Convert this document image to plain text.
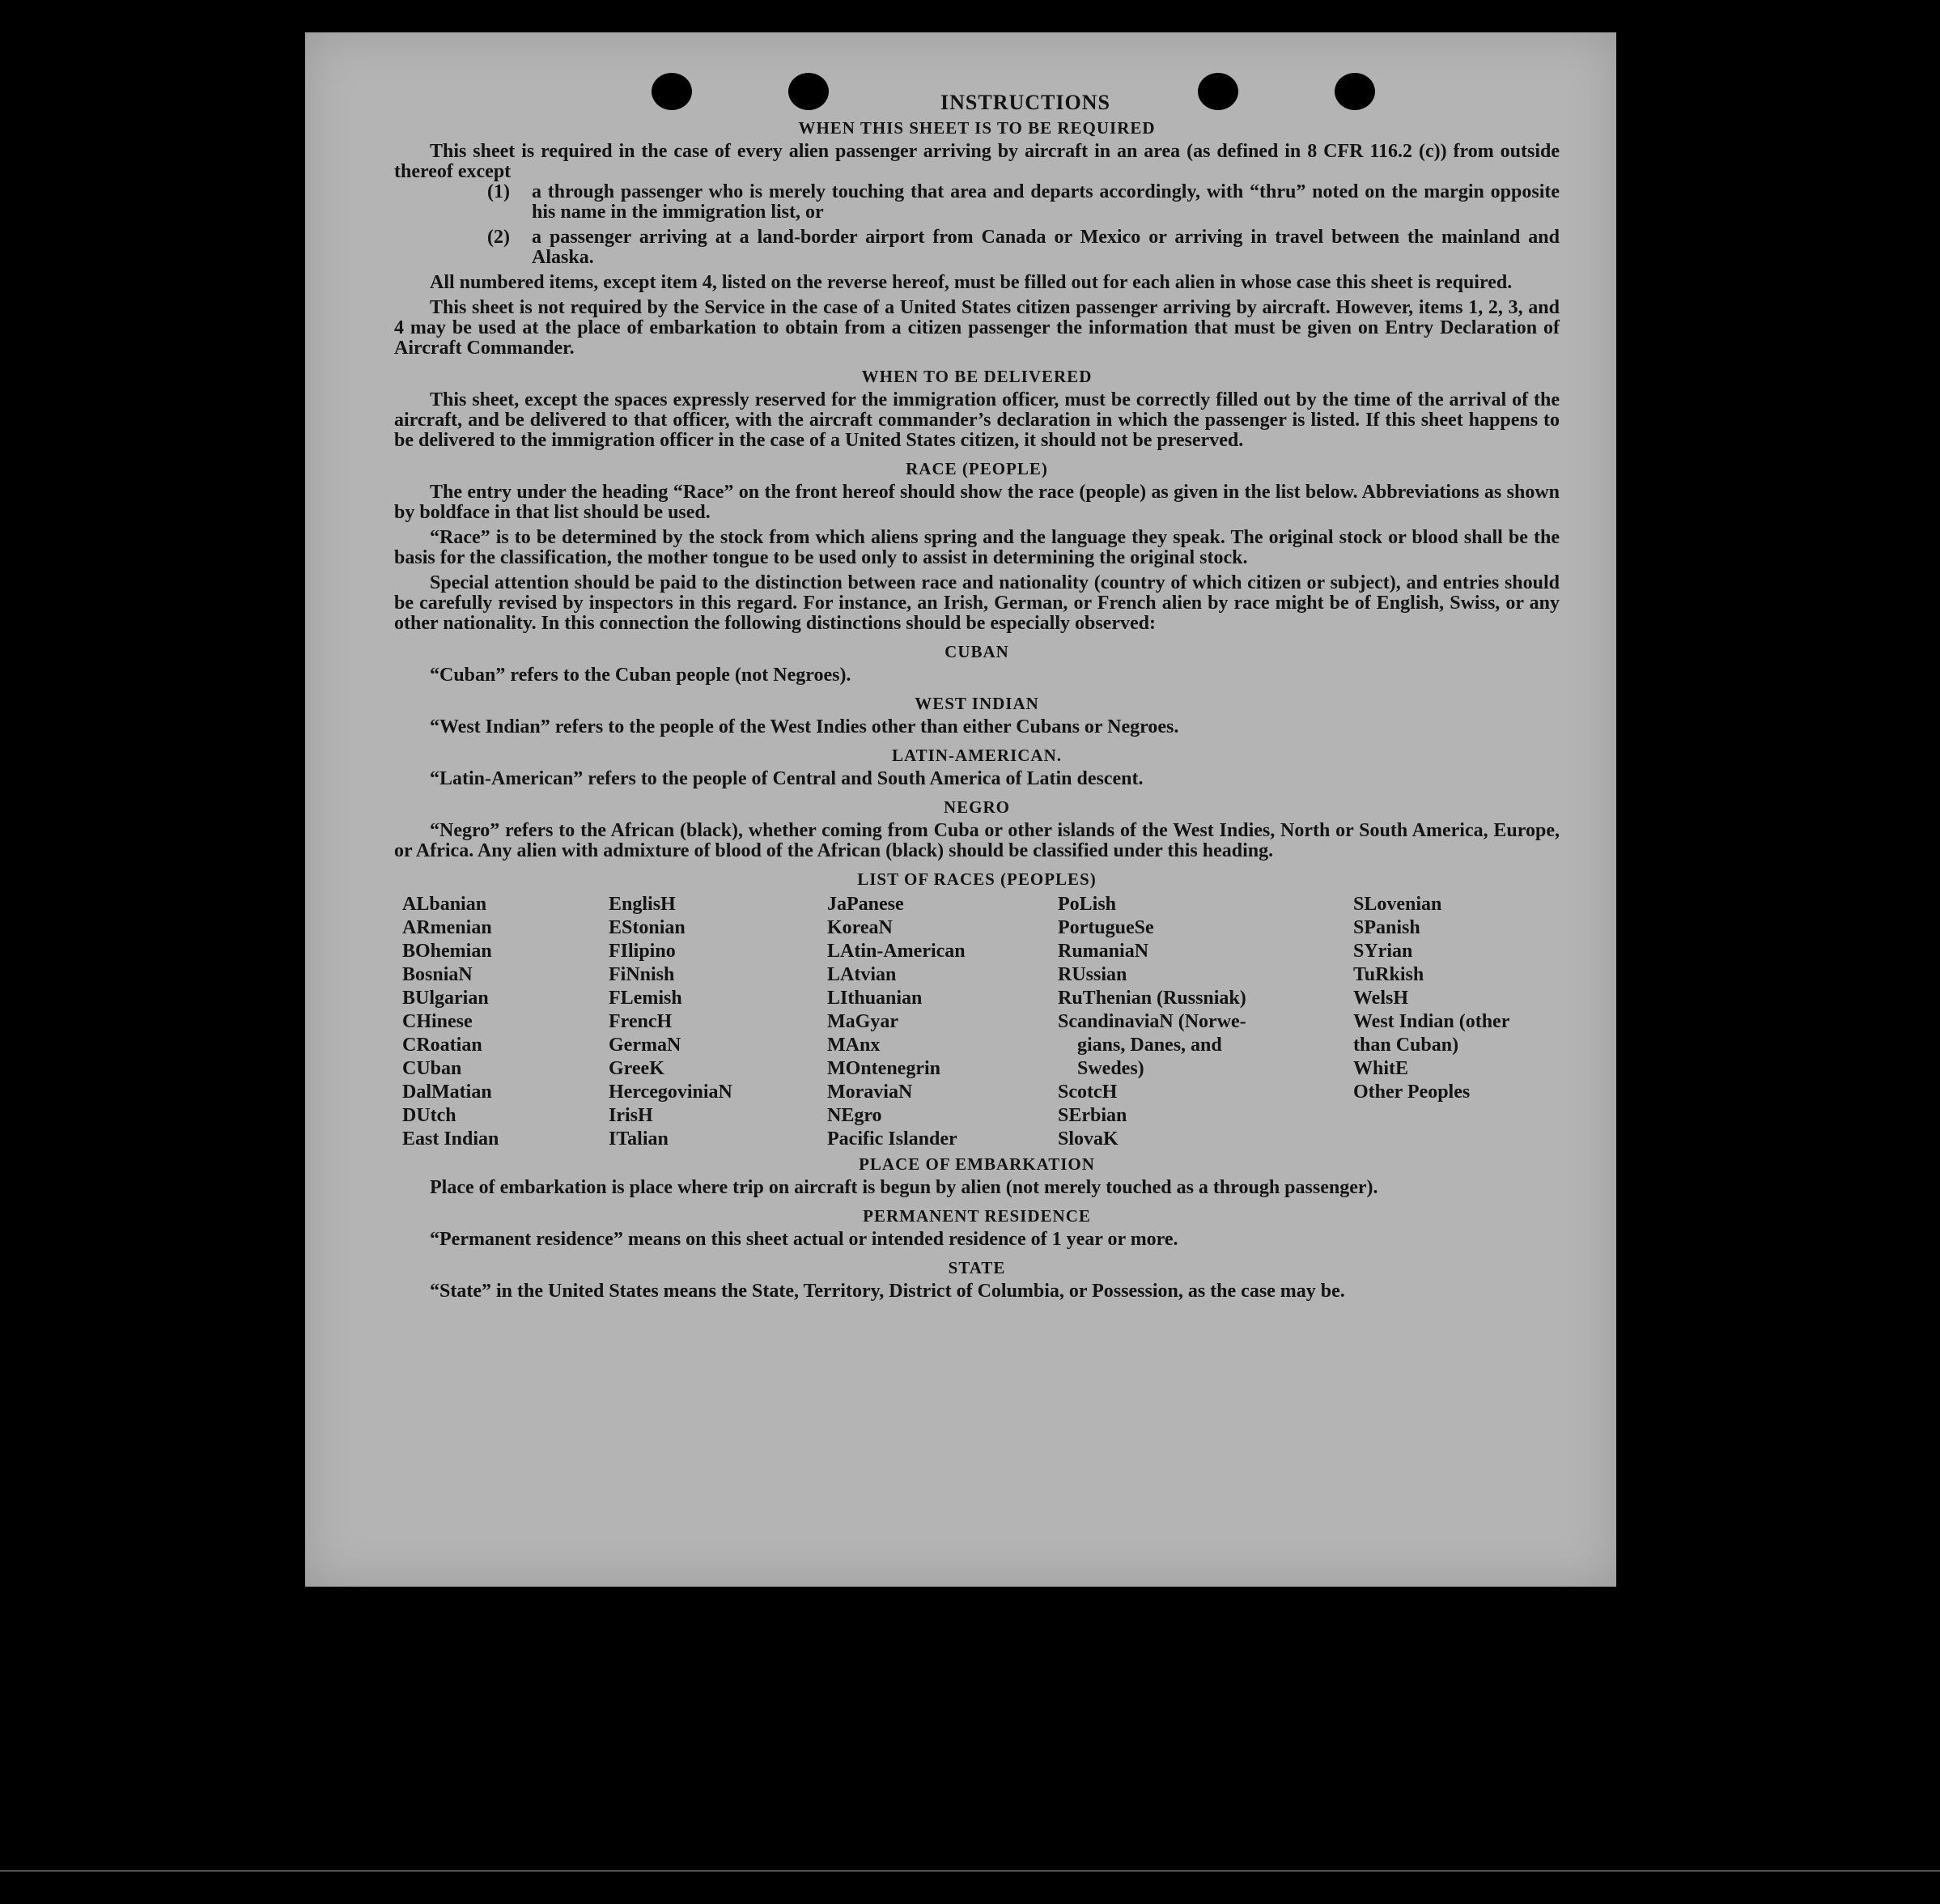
INSTRUCTIONS
WHEN THIS SHEET IS TO BE REQUIRED

This sheet is required in the case of every alien passenger arriving by aircraft in an area (as defined in 8 CFR 116.2 (c)) from outside thereof except

(1)	a through passenger who is merely touching that area and departs accordingly, with “thru” noted on the margin opposite his name in the immigration list, or
(2)	a passenger arriving at a land-border airport from Canada or Mexico or arriving in travel between the mainland and Alaska.

All numbered items, except item 4, listed on the reverse hereof, must be filled out for each alien in whose case this sheet is required.

This sheet is not required by the Service in the case of a United States citizen passenger arriving by aircraft. However, items 1, 2, 3, and 4 may be used at the place of embarkation to obtain from a citizen passenger the information that must be given on Entry Declaration of Aircraft Commander.

WHEN TO BE DELIVERED

This sheet, except the spaces expressly reserved for the immigration officer, must be correctly filled out by the time of the arrival of the aircraft, and be delivered to that officer, with the aircraft commander’s declaration in which the passenger is listed. If this sheet happens to be delivered to the immigration officer in the case of a United States citizen, it should not be preserved.

RACE (PEOPLE)

The entry under the heading “Race” on the front hereof should show the race (people) as given in the list below. Abbreviations as shown by boldface in that list should be used.

“Race” is to be determined by the stock from which aliens spring and the language they speak. The original stock or blood shall be the basis for the classification, the mother tongue to be used only to assist in determining the original stock.

Special attention should be paid to the distinction between race and nationality (country of which citizen or subject), and entries should be carefully revised by inspectors in this regard. For instance, an Irish, German, or French alien by race might be of English, Swiss, or any other nationality. In this connection the following distinctions should be especially observed:

CUBAN

“Cuban” refers to the Cuban people (not Negroes).

WEST INDIAN

“West Indian” refers to the people of the West Indies other than either Cubans or Negroes.

LATIN-AMERICAN.

“Latin-American” refers to the people of Central and South America of Latin descent.

NEGRO

“Negro” refers to the African (black), whether coming from Cuba or other islands of the West Indies, North or South America, Europe, or Africa. Any alien with admixture of blood of the African (black) should be classified under this heading.

LIST OF RACES (PEOPLES)
ALbanian
ARmenian
BOhemian
BosniaN
BUlgarian
CHinese
CRoatian
CUban
DalMatian
DUtch
East Indian
EnglisH
EStonian
FIlipino
FiNnish
FLemish
FrencH
GermaN
GreeK
HercegoviniaN
IrisH
ITalian
JaPanese
KoreaN
LAtin-American
LAtvian
LIthuanian
MaGyar
MAnx
MOntenegrin
MoraviaN
NEgro
Pacific Islander
PoLish
PortugueSe
RumaniaN
RUssian
RuThenian (Russniak)
ScandinaviaN (Norwe-
gians, Danes, and
Swedes)
ScotcH
SErbian
SlovaK
SLovenian
SPanish
SYrian
TuRkish
WelsH
West Indian (other
than Cuban)
WhitE
Other Peoples
PLACE OF EMBARKATION

Place of embarkation is place where trip on aircraft is begun by alien (not merely touched as a through passenger).

PERMANENT RESIDENCE

“Permanent residence” means on this sheet actual or intended residence of 1 year or more.

STATE

“State” in the United States means the State, Territory, District of Columbia, or Possession, as the case may be.
